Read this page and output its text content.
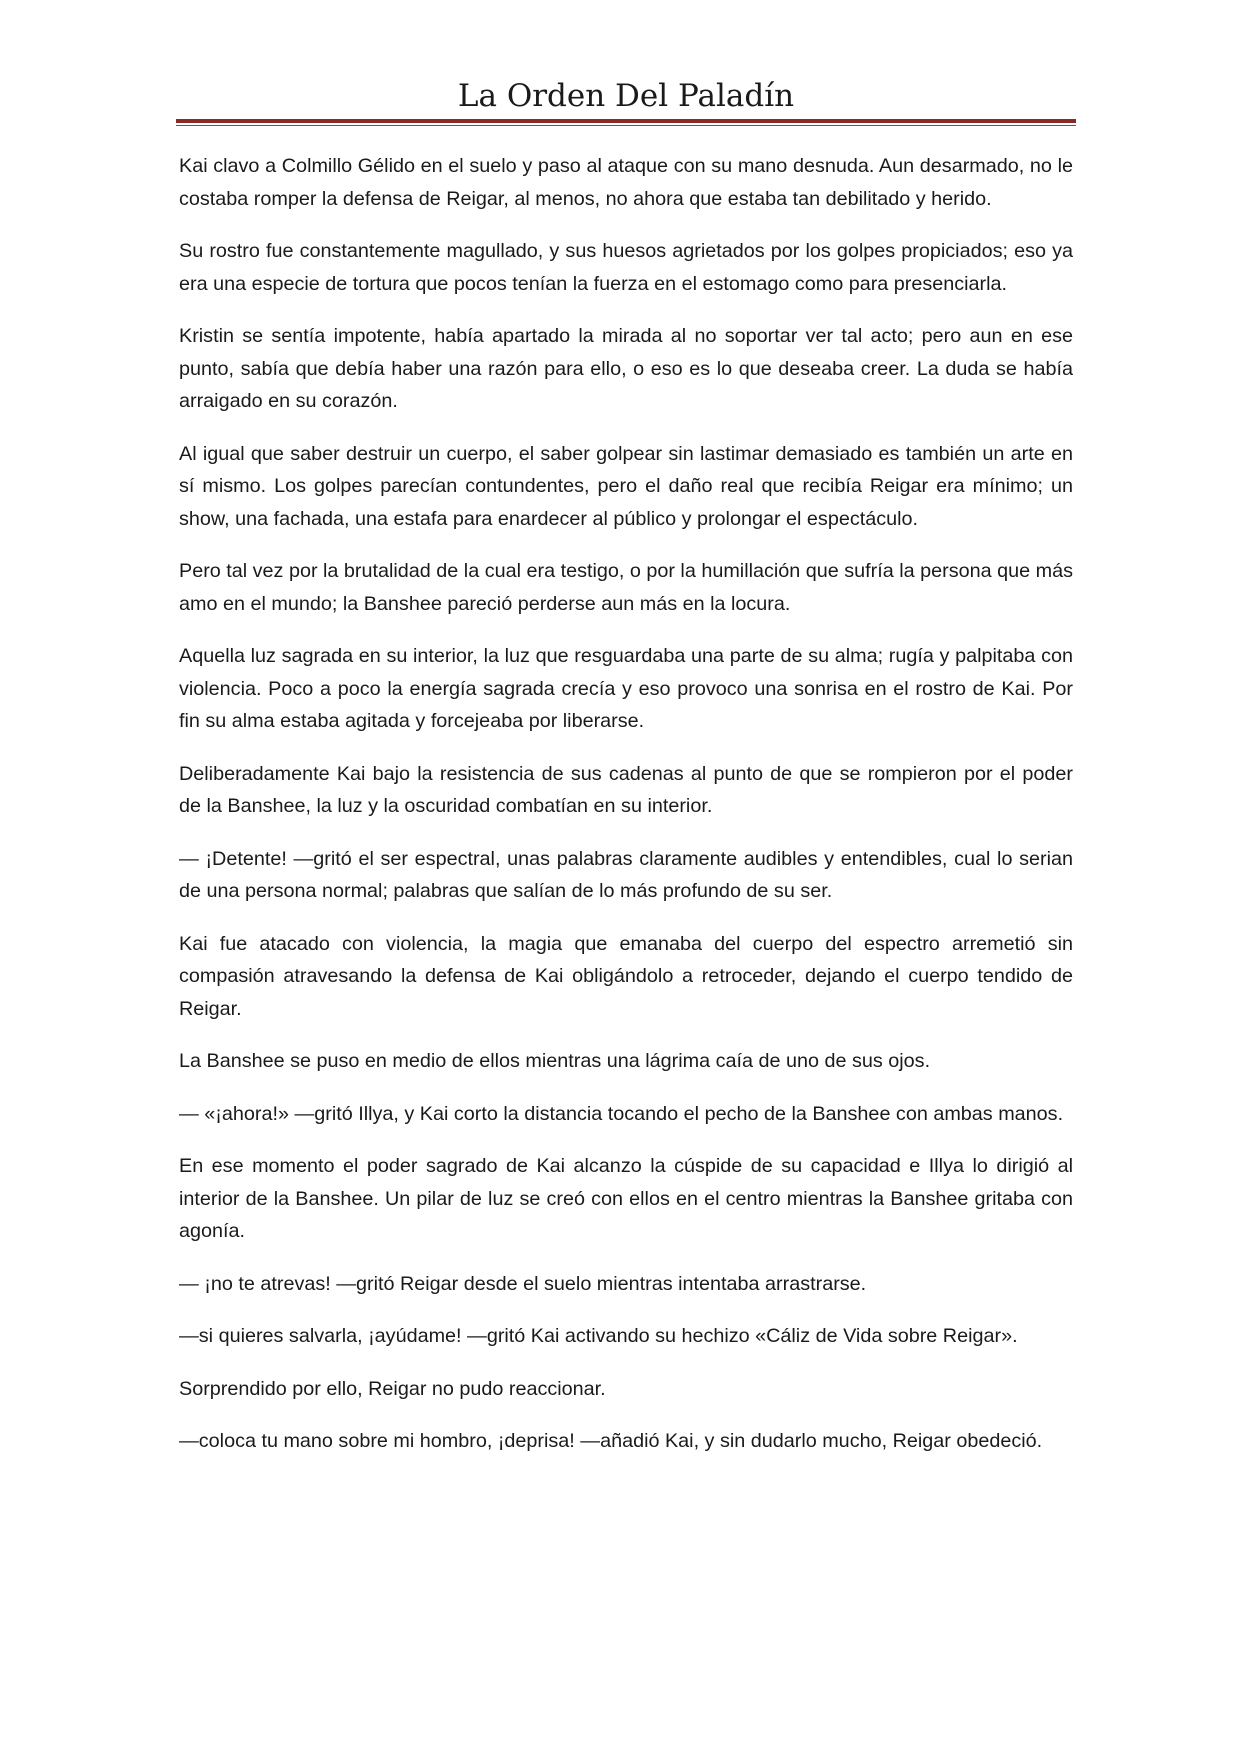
La Orden Del Paladín

Kai clavo a Colmillo Gélido en el suelo y paso al ataque con su mano desnuda. Aun desarmado, no le costaba romper la defensa de Reigar, al menos, no ahora que estaba tan debilitado y herido.

Su rostro fue constantemente magullado, y sus huesos agrietados por los golpes propiciados; eso ya era una especie de tortura que pocos tenían la fuerza en el estomago como para presenciarla.

Kristin se sentía impotente, había apartado la mirada al no soportar ver tal acto; pero aun en ese punto, sabía que debía haber una razón para ello, o eso es lo que deseaba creer. La duda se había arraigado en su corazón.

Al igual que saber destruir un cuerpo, el saber golpear sin lastimar demasiado es también un arte en sí mismo. Los golpes parecían contundentes, pero el daño real que recibía Reigar era mínimo; un show, una fachada, una estafa para enardecer al público y prolongar el espectáculo.

Pero tal vez por la brutalidad de la cual era testigo, o por la humillación que sufría la persona que más amo en el mundo; la Banshee pareció perderse aun más en la locura.

Aquella luz sagrada en su interior, la luz que resguardaba una parte de su alma; rugía y palpitaba con violencia. Poco a poco la energía sagrada crecía y eso provoco una sonrisa en el rostro de Kai. Por fin su alma estaba agitada y forcejeaba por liberarse.

Deliberadamente Kai bajo la resistencia de sus cadenas al punto de que se rompieron por el poder de la Banshee, la luz y la oscuridad combatían en su interior.

— ¡Detente! —gritó el ser espectral, unas palabras claramente audibles y entendibles, cual lo serian de una persona normal; palabras que salían de lo más profundo de su ser.

Kai fue atacado con violencia, la magia que emanaba del cuerpo del espectro arremetió sin compasión atravesando la defensa de Kai obligándolo a retroceder, dejando el cuerpo tendido de Reigar.

La Banshee se puso en medio de ellos mientras una lágrima caía de uno de sus ojos.

— «¡ahora!» —gritó Illya, y Kai corto la distancia tocando el pecho de la Banshee con ambas manos.

En ese momento el poder sagrado de Kai alcanzo la cúspide de su capacidad e Illya lo dirigió al interior de la Banshee. Un pilar de luz se creó con ellos en el centro mientras la Banshee gritaba con agonía.

— ¡no te atrevas! —gritó Reigar desde el suelo mientras intentaba arrastrarse.

—si quieres salvarla, ¡ayúdame! —gritó Kai activando su hechizo «Cáliz de Vida sobre Reigar».

Sorprendido por ello, Reigar no pudo reaccionar.

—coloca tu mano sobre mi hombro, ¡deprisa! —añadió Kai, y sin dudarlo mucho, Reigar obedeció.
